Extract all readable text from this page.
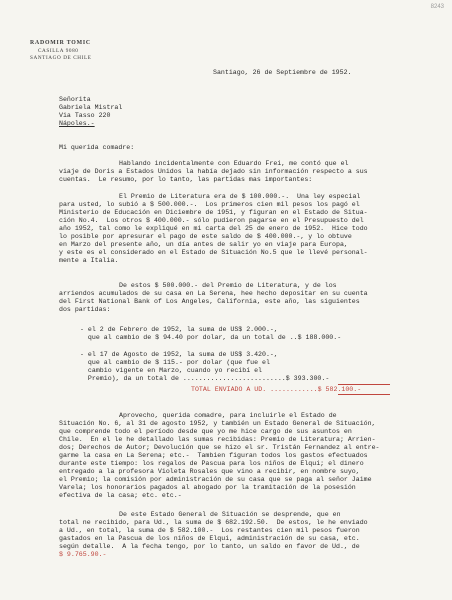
8243
RADOMIR TOMIC
CASILLA 9080
SANTIAGO DE CHILE
Santiago, 26 de Septiembre de 1952.
Señorita
Gabriela Mistral
Via Tasso 220
Nápoles.-
Mi querida comadre:
Hablando incidentalmente con Eduardo Frei, me contó que el
viaje de Doris a Estados Unidos la había dejado sin información respecto a sus
cuentas.  Le resumo, por lo tanto, las partidas mas importantes:
El Premio de Literatura era de $ 100.000.-.  Una ley especial
para usted, lo subió a $ 500.000.-.  Los primeros cien mil pesos los pagó el
Ministerio de Educación en Diciembre de 1951, y figuran en el Estado de Situa-
ción No.4.  Los otros $ 400.000.- sólo pudieron pagarse en el Presupuesto del
año 1952, tal como le expliqué en mi carta del 25 de enero de 1952.  Hice todo
lo posible por apresurar el pago de este saldo de $ 400.000.-, y lo obtuve
en Marzo del presente año, un día antes de salir yo en viaje para Europa,
y este es el considerado en el Estado de Situación No.5 que le llevé personal-
mente a Italia.
De estos $ 500.000.- del Premio de Literatura, y de los
arriendos acumulados de su casa en La Serena, hee hecho depositar en su cuenta
del First National Bank of Los Angeles, California, este año, las siguientes
dos partidas:
- el 2 de Febrero de 1952, la suma de US$ 2.000.-,
que al cambio de $ 94.40 por dolar, da un total de ..$ 188.000.-
- el 17 de Agosto de 1952, la suma de US$ 3.420.-,
que al cambio de $ 115.- por dolar (que fue el
cambio vigente en Marzo, cuando yo recibí el
Premio), da un total de ..........................$ 393.300.-
TOTAL ENVIADO A UD. ............$ 582.100.-
Aprovecho, querida comadre, para incluirle el Estado de
Situación No. 6, al 31 de agosto 1952, y también un Estado General de Situación,
que comprende todo el período desde que yo me hice cargo de sus asuntos en
Chile.  En el le he detallado las sumas recibidas: Premio de Literatura; Arrien-
dos; Derechos de Autor; Devolución que se hizo el sr. Tristán Fernandez al entre-
garme la casa en La Serena; etc.-  Tambien figuran todos los gastos efectuados
durante este tiempo: los regalos de Pascua para los niños de Elqui; el dinero
entregado a la profesora Violeta Rosales que vino a recibir, en nombre suyo,
el Premio; la comisión por administración de su casa que se paga al señor Jaime
Varela; los honorarios pagados al abogado por la tramitación de la posesión
efectiva de la casa; etc. etc.-
De este Estado General de Situación se desprende, que en
total ne recibido, para Ud., la suma de $ 682.192.50.  De estos, le he enviado
a Ud., en total, la suma de $ 582.100.-  Los restantes cien mil pesos fueron
gastados en la Pascua de los niños de Elqui, administración de su casa, etc.
según detalle.  A la fecha tengo, por lo tanto, un saldo en favor de Ud., de
$ 9.765.90.-
